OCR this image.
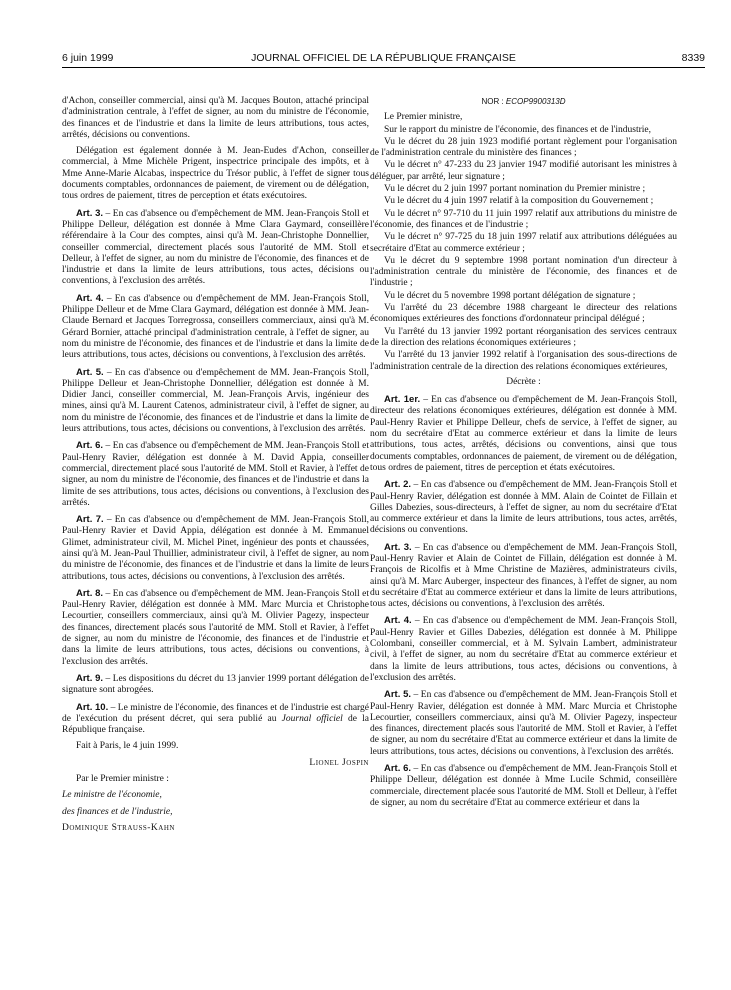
6 juin 1999	JOURNAL OFFICIEL DE LA RÉPUBLIQUE FRANÇAISE	8339

d'Achon, conseiller commercial, ainsi qu'à M. Jacques Bouton, attaché principal d'administration centrale, à l'effet de signer, au nom du ministre de l'économie, des finances et de l'industrie et dans la limite de leurs attributions, tous actes, arrêtés, décisions ou conventions.

Délégation est également donnée à M. Jean-Eudes d'Achon, conseiller commercial, à Mme Michèle Prigent, inspectrice principale des impôts, et à Mme Anne-Marie Alcabas, inspectrice du Trésor public, à l'effet de signer tous documents comptables, ordonnances de paiement, de virement ou de délégation, tous ordres de paiement, titres de perception et états exécutoires.

Art. 3. – En cas d'absence ou d'empêchement de MM. Jean-François Stoll et Philippe Delleur, délégation est donnée à Mme Clara Gaymard, conseillère référendaire à la Cour des comptes, ainsi qu'à M. Jean-Christophe Donnellier, conseiller commercial, directement placés sous l'autorité de MM. Stoll et Delleur, à l'effet de signer, au nom du ministre de l'économie, des finances et de l'industrie et dans la limite de leurs attributions, tous actes, décisions ou conventions, à l'exclusion des arrêtés.

Art. 4. – En cas d'absence ou d'empêchement de MM. Jean-François Stoll, Philippe Delleur et de Mme Clara Gaymard, délégation est donnée à MM. Jean-Claude Bernard et Jacques Torregrossa, conseillers commerciaux, ainsi qu'à M. Gérard Bornier, attaché principal d'administration centrale, à l'effet de signer, au nom du ministre de l'économie, des finances et de l'industrie et dans la limite de leurs attributions, tous actes, décisions ou conventions, à l'exclusion des arrêtés.

Art. 5. – En cas d'absence ou d'empêchement de MM. Jean-François Stoll, Philippe Delleur et Jean-Christophe Donnellier, délégation est donnée à M. Didier Janci, conseiller commercial, M. Jean-François Arvis, ingénieur des mines, ainsi qu'à M. Laurent Catenos, administrateur civil, à l'effet de signer, au nom du ministre de l'économie, des finances et de l'industrie et dans la limite de leurs attributions, tous actes, décisions ou conventions, à l'exclusion des arrêtés.

Art. 6. – En cas d'absence ou d'empêchement de MM. Jean-François Stoll et Paul-Henry Ravier, délégation est donnée à M. David Appia, conseiller commercial, directement placé sous l'autorité de MM. Stoll et Ravier, à l'effet de signer, au nom du ministre de l'économie, des finances et de l'industrie et dans la limite de ses attributions, tous actes, décisions ou conventions, à l'exclusion des arrêtés.

Art. 7. – En cas d'absence ou d'empêchement de MM. Jean-François Stoll, Paul-Henry Ravier et David Appia, délégation est donnée à M. Emmanuel Glimet, administrateur civil, M. Michel Pinet, ingénieur des ponts et chaussées, ainsi qu'à M. Jean-Paul Thuillier, administrateur civil, à l'effet de signer, au nom du ministre de l'économie, des finances et de l'industrie et dans la limite de leurs attributions, tous actes, décisions ou conventions, à l'exclusion des arrêtés.

Art. 8. – En cas d'absence ou d'empêchement de MM. Jean-François Stoll et Paul-Henry Ravier, délégation est donnée à MM. Marc Murcia et Christophe Lecourtier, conseillers commerciaux, ainsi qu'à M. Olivier Pagezy, inspecteur des finances, directement placés sous l'autorité de MM. Stoll et Ravier, à l'effet de signer, au nom du ministre de l'économie, des finances et de l'industrie et dans la limite de leurs attributions, tous actes, décisions ou conventions, à l'exclusion des arrêtés.

Art. 9. – Les dispositions du décret du 13 janvier 1999 portant délégation de signature sont abrogées.

Art. 10. – Le ministre de l'économie, des finances et de l'industrie est chargé de l'exécution du présent décret, qui sera publié au Journal officiel de la République française.

Fait à Paris, le 4 juin 1999.

Lionel Jospin

Par le Premier ministre :

Le ministre de l'économie,

des finances et de l'industrie,

Dominique Strauss-Kahn

NOR : ECOP9900313D

Le Premier ministre,

Sur le rapport du ministre de l'économie, des finances et de l'industrie,

Vu le décret du 28 juin 1923 modifié portant règlement pour l'organisation de l'administration centrale du ministère des finances ;

Vu le décret n° 47-233 du 23 janvier 1947 modifié autorisant les ministres à déléguer, par arrêté, leur signature ;

Vu le décret du 2 juin 1997 portant nomination du Premier ministre ;

Vu le décret du 4 juin 1997 relatif à la composition du Gouvernement ;

Vu le décret n° 97-710 du 11 juin 1997 relatif aux attributions du ministre de l'économie, des finances et de l'industrie ;

Vu le décret n° 97-725 du 18 juin 1997 relatif aux attributions déléguées au secrétaire d'Etat au commerce extérieur ;

Vu le décret du 9 septembre 1998 portant nomination d'un directeur à l'administration centrale du ministère de l'économie, des finances et de l'industrie ;

Vu le décret du 5 novembre 1998 portant délégation de signature ;

Vu l'arrêté du 23 décembre 1988 chargeant le directeur des relations économiques extérieures des fonctions d'ordonnateur principal délégué ;

Vu l'arrêté du 13 janvier 1992 portant réorganisation des services centraux de la direction des relations économiques extérieures ;

Vu l'arrêté du 13 janvier 1992 relatif à l'organisation des sous-directions de l'administration centrale de la direction des relations économiques extérieures,

Décrète :

Art. 1er. – En cas d'absence ou d'empêchement de M. Jean-François Stoll, directeur des relations économiques extérieures, délégation est donnée à MM. Paul-Henry Ravier et Philippe Delleur, chefs de service, à l'effet de signer, au nom du secrétaire d'Etat au commerce extérieur et dans la limite de leurs attributions, tous actes, arrêtés, décisions ou conventions, ainsi que tous documents comptables, ordonnances de paiement, de virement ou de délégation, tous ordres de paiement, titres de perception et états exécutoires.

Art. 2. – En cas d'absence ou d'empêchement de MM. Jean-François Stoll et Paul-Henry Ravier, délégation est donnée à MM. Alain de Cointet de Fillain et Gilles Dabezies, sous-directeurs, à l'effet de signer, au nom du secrétaire d'Etat au commerce extérieur et dans la limite de leurs attributions, tous actes, arrêtés, décisions ou conventions.

Art. 3. – En cas d'absence ou d'empêchement de MM. Jean-François Stoll, Paul-Henry Ravier et Alain de Cointet de Fillain, délégation est donnée à M. François de Ricolfis et à Mme Christine de Mazières, administrateurs civils, ainsi qu'à M. Marc Auberger, inspecteur des finances, à l'effet de signer, au nom du secrétaire d'Etat au commerce extérieur et dans la limite de leurs attributions, tous actes, décisions ou conventions, à l'exclusion des arrêtés.

Art. 4. – En cas d'absence ou d'empêchement de MM. Jean-François Stoll, Paul-Henry Ravier et Gilles Dabezies, délégation est donnée à M. Philippe Colombani, conseiller commercial, et à M. Sylvain Lambert, administrateur civil, à l'effet de signer, au nom du secrétaire d'Etat au commerce extérieur et dans la limite de leurs attributions, tous actes, décisions ou conventions, à l'exclusion des arrêtés.

Art. 5. – En cas d'absence ou d'empêchement de MM. Jean-François Stoll et Paul-Henry Ravier, délégation est donnée à MM. Marc Murcia et Christophe Lecourtier, conseillers commerciaux, ainsi qu'à M. Olivier Pagezy, inspecteur des finances, directement placés sous l'autorité de MM. Stoll et Ravier, à l'effet de signer, au nom du secrétaire d'Etat au commerce extérieur et dans la limite de leurs attributions, tous actes, décisions ou conventions, à l'exclusion des arrêtés.

Art. 6. – En cas d'absence ou d'empêchement de MM. Jean-François Stoll et Philippe Delleur, délégation est donnée à Mme Lucile Schmid, conseillère commerciale, directement placée sous l'autorité de MM. Stoll et Delleur, à l'effet de signer, au nom du secrétaire d'Etat au commerce extérieur et dans la
